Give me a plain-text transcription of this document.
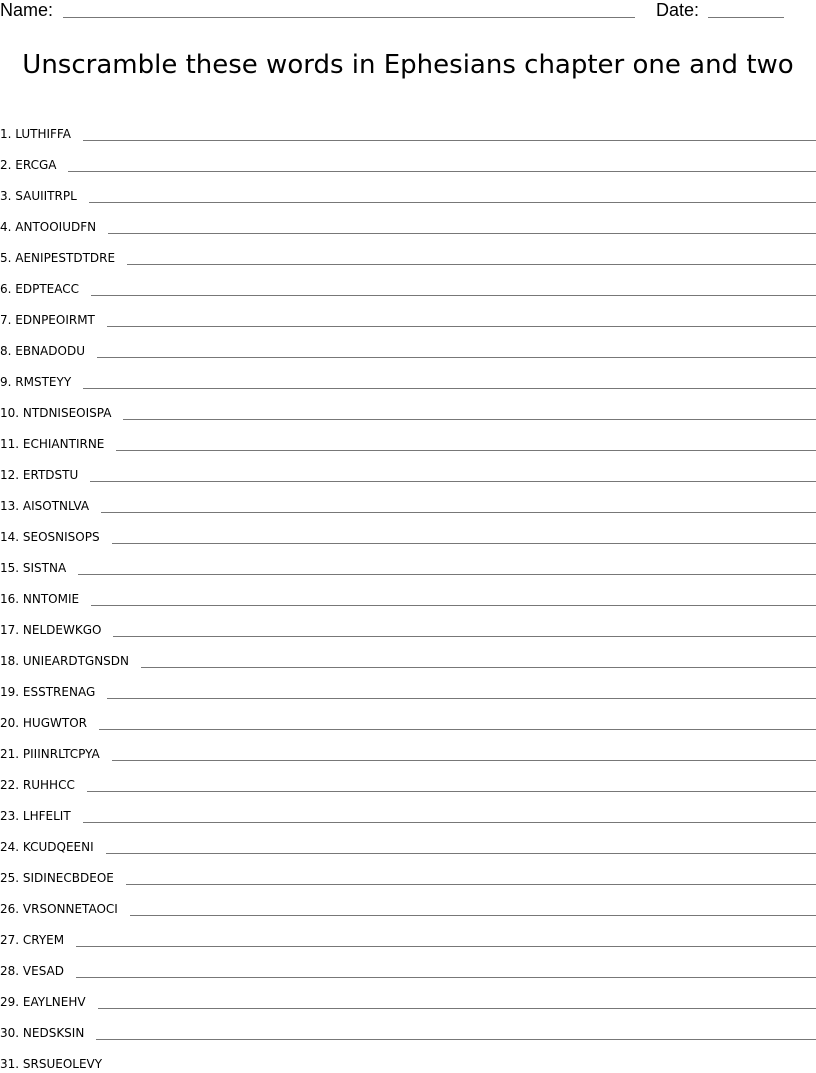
Name:	Date:
Unscramble these words in Ephesians chapter one and two
1. LUTHIFFA
2. ERCGA
3. SAUIITRPL
4. ANTOOIUDFN
5. AENIPESTDTDRE
6. EDPTEACC
7. EDNPEOIRMT
8. EBNADODU
9. RMSTEYY
10. NTDNISEOISPA
11. ECHIANTIRNE
12. ERTDSTU
13. AISOTNLVA
14. SEOSNISOPS
15. SISTNA
16. NNTOMIE
17. NELDEWKGO
18. UNIEARDTGNSDN
19. ESSTRENAG
20. HUGWTOR
21. PIIINRLTCPYA
22. RUHHCC
23. LHFELIT
24. KCUDQEENI
25. SIDINECBDEOE
26. VRSONNETAOCI
27. CRYEM
28. VESAD
29. EAYLNEHV
30. NEDSKSIN
31. SRSUEOLEVY
